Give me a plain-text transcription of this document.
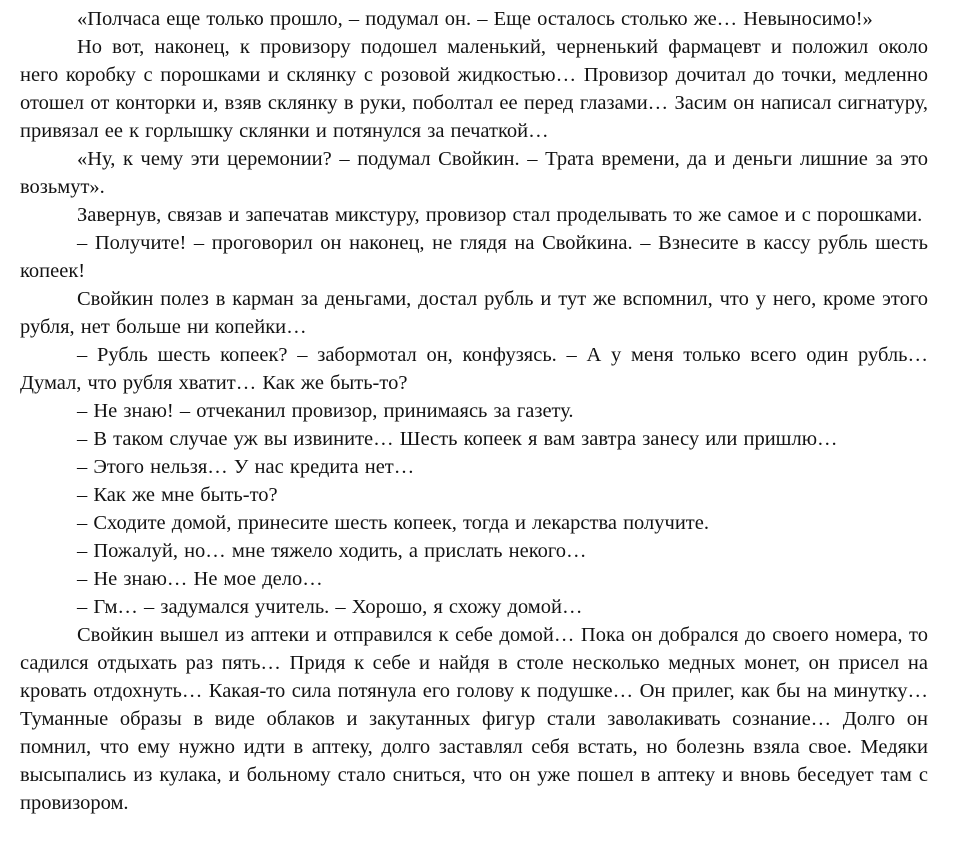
«Полчаса еще только прошло, – подумал он. – Еще осталось столько же… Невыносимо!»

Но вот, наконец, к провизору подошел маленький, черненький фармацевт и положил около него коробку с порошками и склянку с розовой жидкостью… Провизор дочитал до точки, медленно отошел от конторки и, взяв склянку в руки, поболтал ее перед глазами… Засим он написал сигнатуру, привязал ее к горлышку склянки и потянулся за печаткой…

«Ну, к чему эти церемонии? – подумал Свойкин. – Трата времени, да и деньги лишние за это возьмут».

Завернув, связав и запечатав микстуру, провизор стал проделывать то же самое и с порошками.

– Получите! – проговорил он наконец, не глядя на Свойкина. – Взнесите в кассу рубль шесть копеек!

Свойкин полез в карман за деньгами, достал рубль и тут же вспомнил, что у него, кроме этого рубля, нет больше ни копейки…

– Рубль шесть копеек? – забормотал он, конфузясь. – А у меня только всего один рубль… Думал, что рубля хватит… Как же быть-то?

– Не знаю! – отчеканил провизор, принимаясь за газету.

– В таком случае уж вы извините… Шесть копеек я вам завтра занесу или пришлю…

– Этого нельзя… У нас кредита нет…

– Как же мне быть-то?

– Сходите домой, принесите шесть копеек, тогда и лекарства получите.

– Пожалуй, но… мне тяжело ходить, а прислать некого…

– Не знаю… Не мое дело…

– Гм… – задумался учитель. – Хорошо, я схожу домой…

Свойкин вышел из аптеки и отправился к себе домой… Пока он добрался до своего номера, то садился отдыхать раз пять… Придя к себе и найдя в столе несколько медных монет, он присел на кровать отдохнуть… Какая-то сила потянула его голову к подушке… Он прилег, как бы на минутку… Туманные образы в виде облаков и закутанных фигур стали заволакивать сознание… Долго он помнил, что ему нужно идти в аптеку, долго заставлял себя встать, но болезнь взяла свое. Медяки высыпались из кулака, и больному стало сниться, что он уже пошел в аптеку и вновь беседует там с провизором.
